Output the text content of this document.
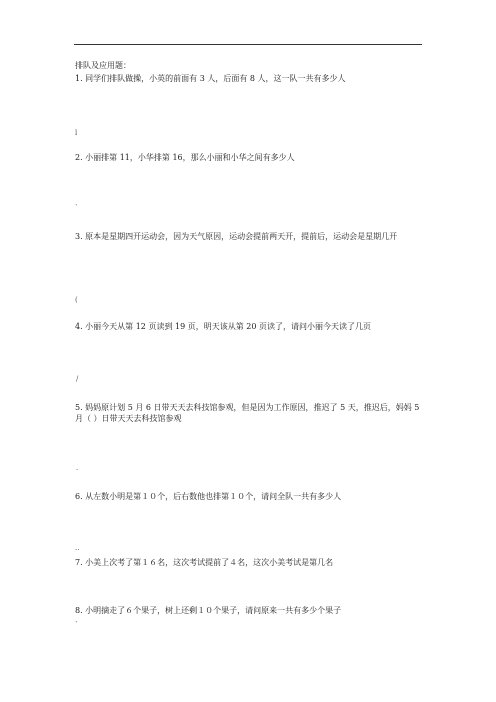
排队及应用题：
1. 同学们排队做操，小英的前面有 3 人，后面有 8 人，这一队一共有多少人
l
2. 小丽排第 11，小华排第 16，那么小丽和小华之间有多少人
`
3. 原本是星期四开运动会，因为天气原因，运动会提前两天开，提前后，运动会是星期几开
(
4. 小丽今天从第 12 页读到 19 页，明天该从第 20 页读了，请问小丽今天读了几页
/
5. 妈妈原计划 5 月 6 日带天天去科技馆参观，但是因为工作原因，推迟了 5 天，推迟后，妈妈 5 月（ ）日带天天去科技馆参观
.
6. 从左数小明是第１０个，后右数他也排第１０个，请问全队一共有多少人
..
7. 小美上次考了第１６名，这次考试提前了４名，这次小美考试是第几名
8. 小明摘走了６个果子，树上还剩１０个果子，请问原来一共有多少个果子
`
